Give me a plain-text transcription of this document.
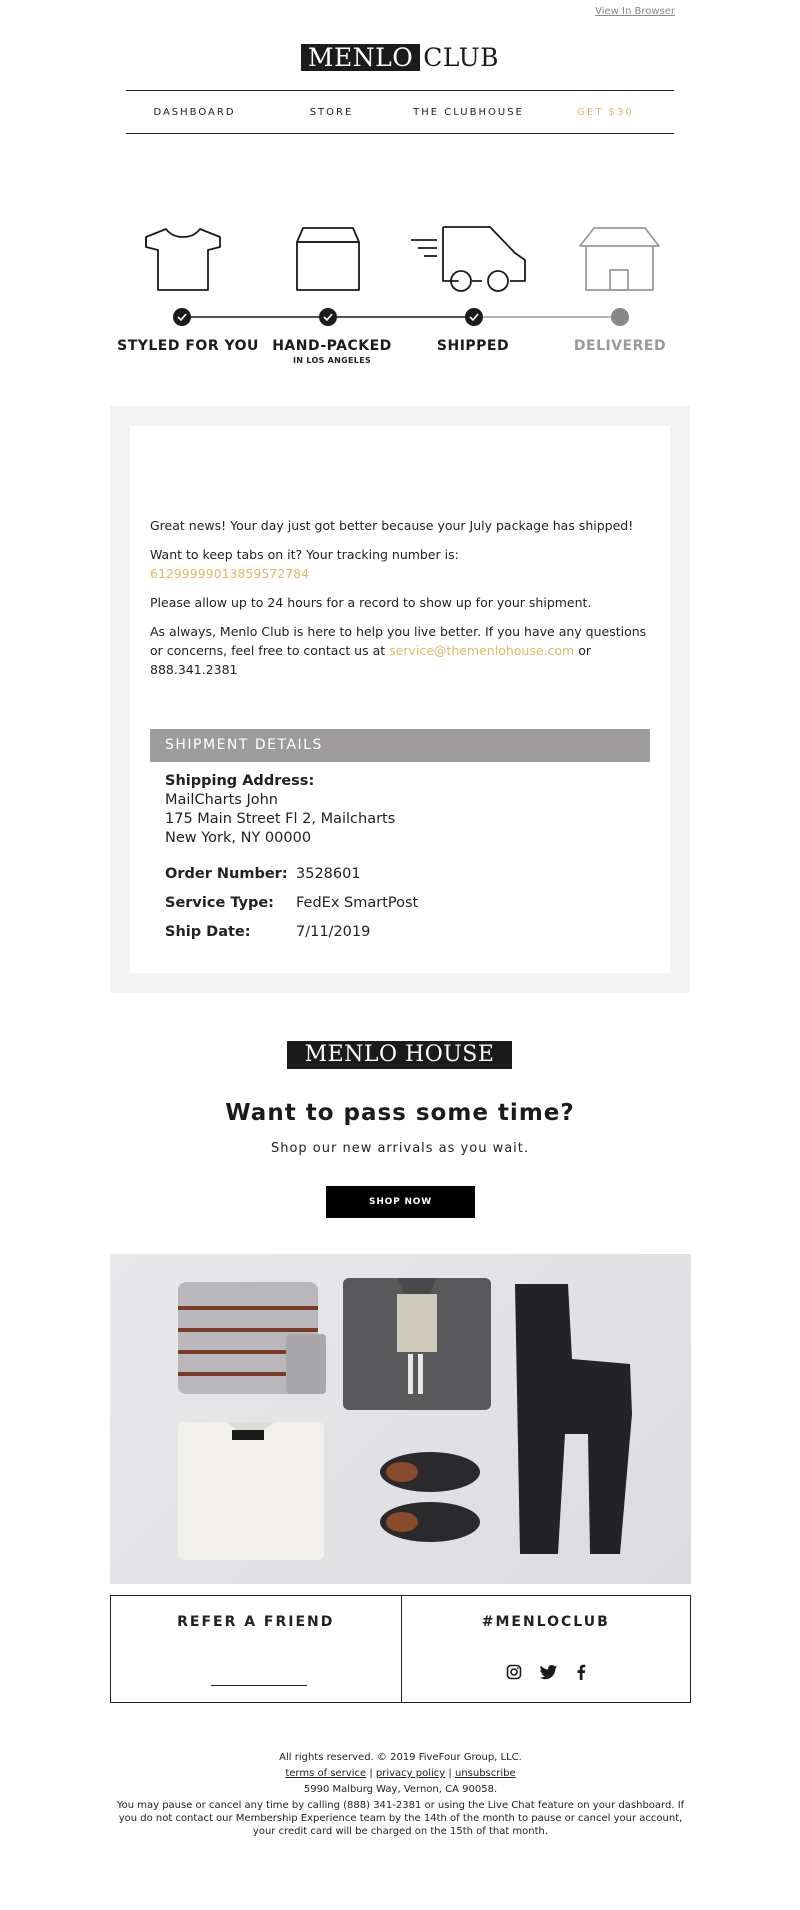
View In Browser
MENLO CLUB
DASHBOARD	STORE	THE CLUBHOUSE	GET $30
STYLED FOR YOU HAND-PACKED
IN LOS ANGELES
SHIPPED	DELIVERED

Great news! Your day just got better because your July package has shipped!

Want to keep tabs on it? Your tracking number is:
61299999013859572784

Please allow up to 24 hours for a record to show up for your shipment.

As always, Menlo Club is here to help you live better. If you have any questions or concerns, feel free to contact us at service@themenlohouse.com or 888.341.2381

SHIPMENT DETAILS
Shipping Address:
MailCharts John
175 Main Street Fl 2, Mailcharts
New York, NY 00000
Order Number: 3528601
Service Type: FedEx SmartPost
Ship Date:	7/11/2019
MENLO HOUSE
Want to pass some time?
Shop our new arrivals as you wait.
SHOP NOW
REFER A FRIEND	#MENLOCLUB
All rights reserved. © 2019 FiveFour Group, LLC.
terms of service | privacy policy | unsubscribe
5990 Malburg Way, Vernon, CA 90058.
You may pause or cancel any time by calling (888) 341-2381 or using the Live Chat feature on your dashboard. If you do not contact our Membership Experience team by the 14th of the month to pause or cancel your account, your credit card will be charged on the 15th of that month.
